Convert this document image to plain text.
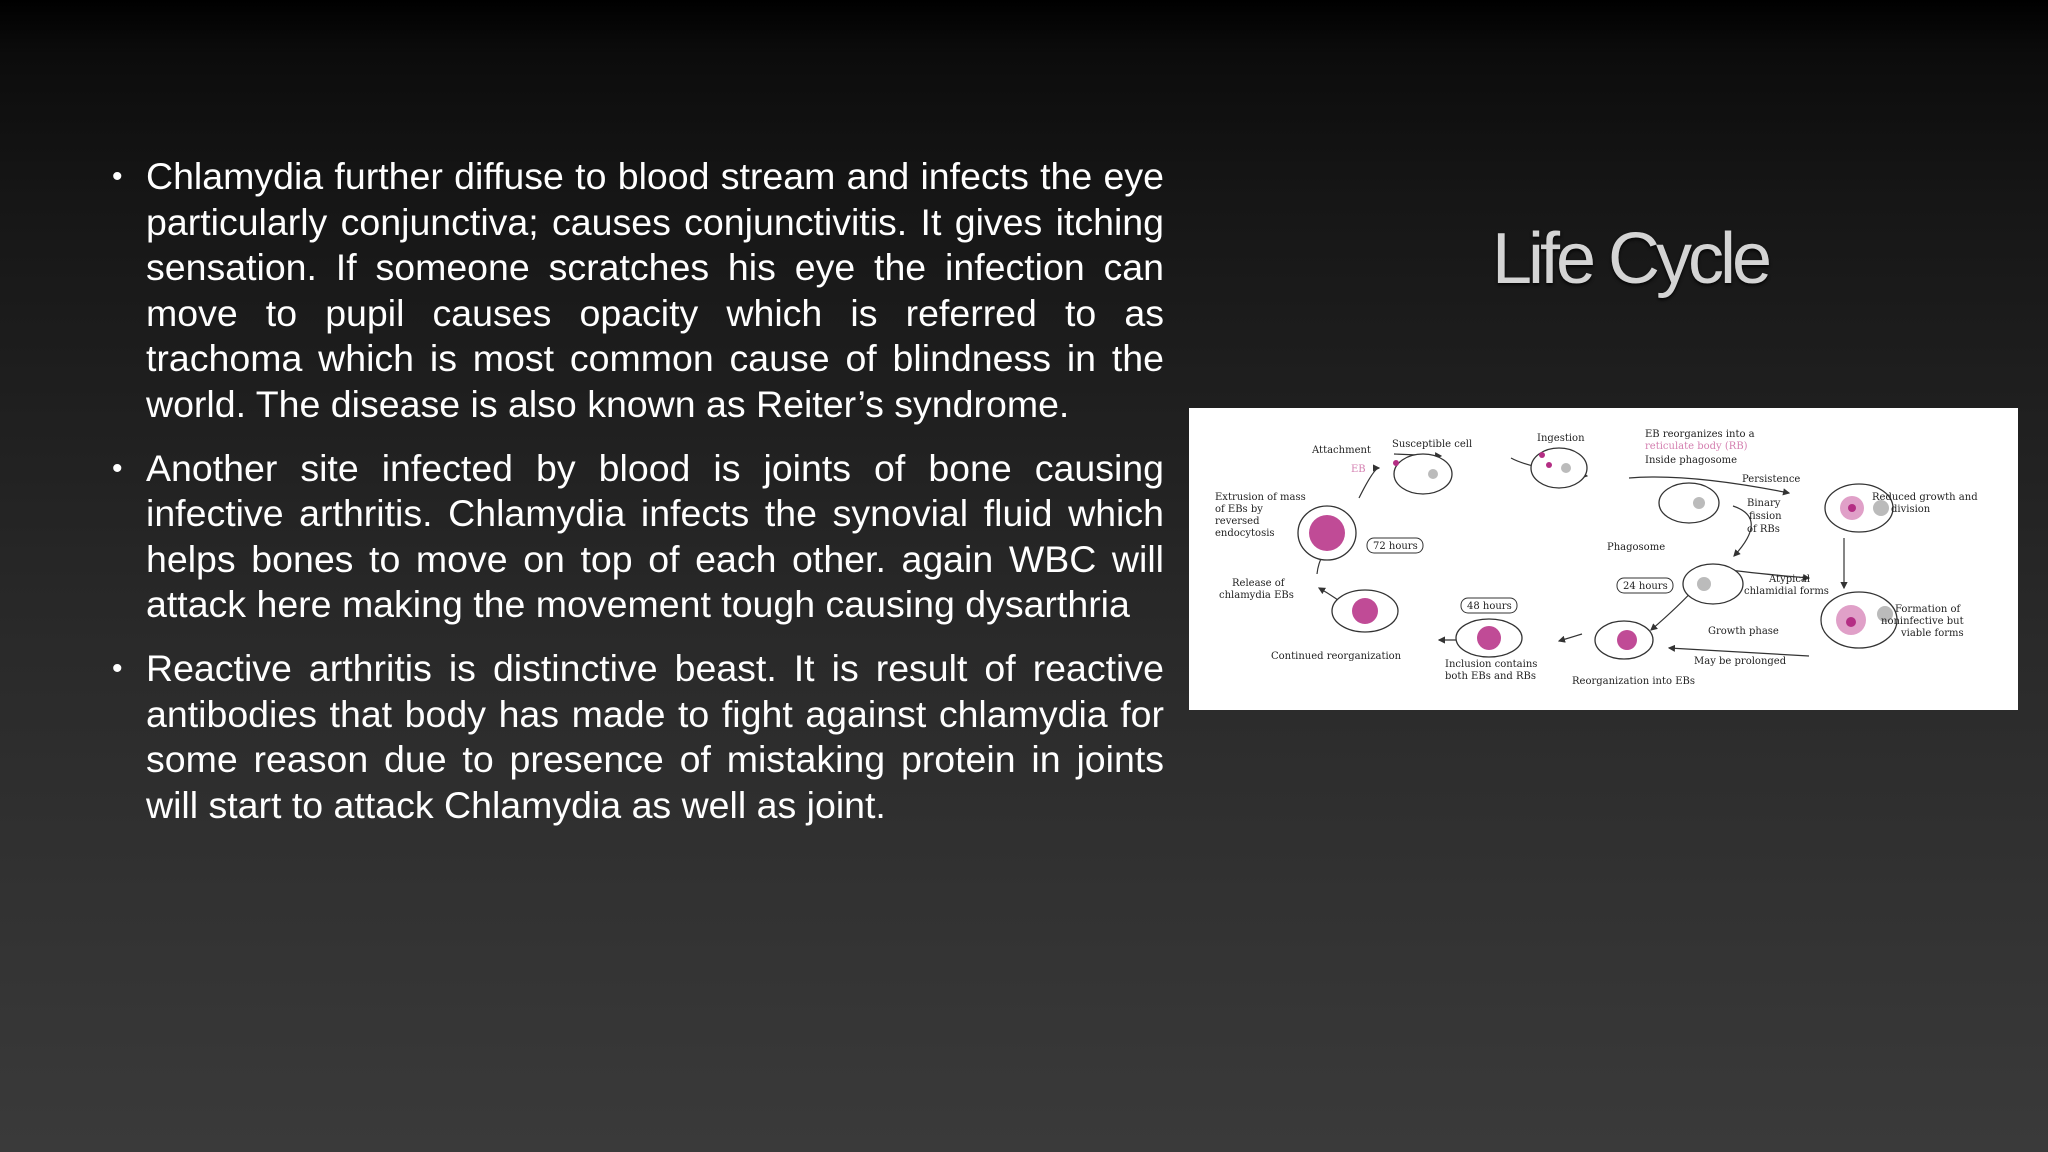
• Chlamydia further diffuse to blood stream and infects the eye particularly conjunctiva; causes conjunctivitis. It gives itching sensation. If someone scratches his eye the infection can move to pupil causes opacity which is referred to as trachoma which is most common cause of blindness in the world. The disease is also known as Reiter’s syndrome.
• Another site infected by blood is joints of bone causing infective arthritis. Chlamydia infects the synovial fluid which helps bones to move on top of each other. again WBC will attack here making the movement tough causing dysarthria
• Reactive arthritis is distinctive beast. It is result of reactive antibodies that body has made to fight against chlamydia for some reason due to presence of mistaking protein in joints will start to attack Chlamydia as well as joint.
Life Cycle
Attachment
EB
Susceptible cell
Ingestion	EB reorganizes into a
reticulate body (RB)
Inside phagosome
Persistence
Reduced growth and
division
Extrusion of mass
of EBs by
reversed
endocytosis
72 hours
Binary
fission
of RBs
Phagosome
Release of
chlamydia EBs
24 hours
Atypical
chlamidial forms
Formation of
noninfective but
viable forms
48 hours
Growth phase
Continued reorganization
Inclusion contains
both EBs and RBs
May be prolonged
Reorganization into EBs
